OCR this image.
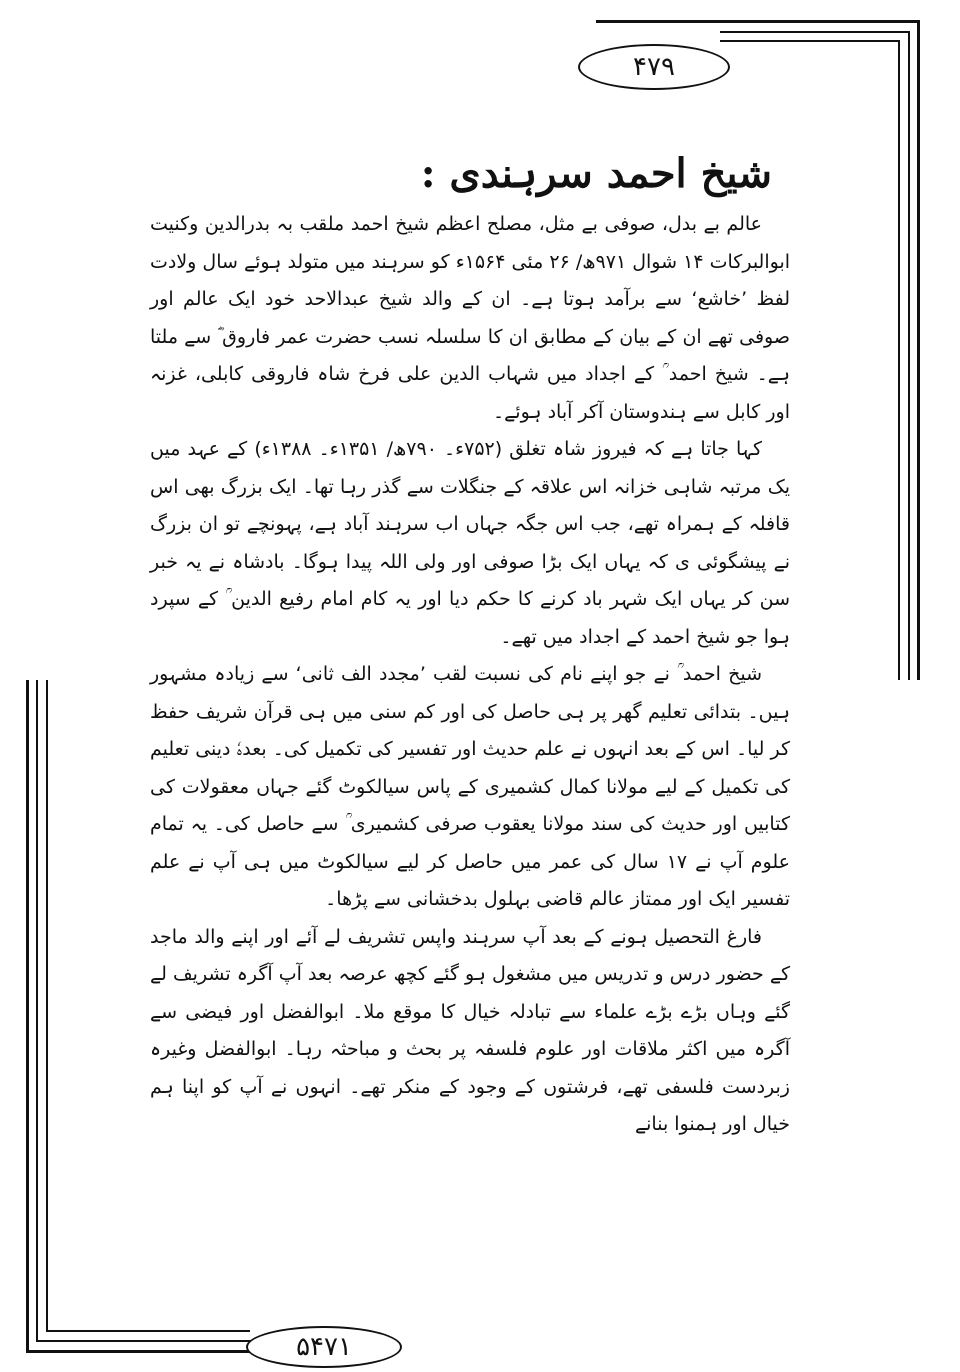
۴۷۹
شیخ احمد سرہندی :

عالم بے بدل، صوفی بے مثل، مصلح اعظم شیخ احمد ملقب بہ بدرالدین وکنیت ابوالبرکات ۱۴ شوال ۹۷۱ھ/ ۲۶ مئی ۱۵۶۴ء کو سرہند میں متولد ہوئے سال ولادت لفظ ’خاشع‘ سے برآمد ہوتا ہے۔ ان کے والد شیخ عبدالاحد خود ایک عالم اور صوفی تھے ان کے بیان کے مطابق ان کا سلسلہ نسب حضرت عمر فاروق ؓ سے ملتا ہے۔ شیخ احمد ؒ کے اجداد میں شہاب الدین علی فرخ شاہ فاروقی کابلی، غزنہ اور کابل سے ہندوستان آکر آباد ہوئے۔

کہا جاتا ہے کہ فیروز شاہ تغلق (۷۵۲ء۔ ۷۹۰ھ/ ۱۳۵۱ء۔ ۱۳۸۸ء) کے عہد میں یک مرتبہ شاہی خزانہ اس علاقہ کے جنگلات سے گذر رہا تھا۔ ایک بزرگ بھی اس قافلہ کے ہمراہ تھے، جب اس جگہ جہاں اب سرہند آباد ہے، پہونچے تو ان بزرگ نے پیشگوئی ی کہ یہاں ایک بڑا صوفی اور ولی اللہ پیدا ہوگا۔ بادشاہ نے یہ خبر سن کر یہاں ایک شہر باد کرنے کا حکم دیا اور یہ کام امام رفیع الدین ؒ کے سپرد ہوا جو شیخ احمد کے اجداد میں تھے۔

شیخ احمد ؒ نے جو اپنے نام کی نسبت لقب ’مجدد الف ثانی‘ سے زیادہ مشہور ہیں۔ بتدائی تعلیم گھر پر ہی حاصل کی اور کم سنی میں ہی قرآن شریف حفظ کر لیا۔ اس کے بعد انہوں نے علم حدیث اور تفسیر کی تکمیل کی۔ بعدہٗ دینی تعلیم کی تکمیل کے لیے مولانا کمال کشمیری کے پاس سیالکوٹ گئے جہاں معقولات کی کتابیں اور حدیث کی سند مولانا یعقوب صرفی کشمیری ؒ سے حاصل کی۔ یہ تمام علوم آپ نے ۱۷ سال کی عمر میں حاصل کر لیے سیالکوٹ میں ہی آپ نے علم تفسیر ایک اور ممتاز عالم قاضی بہلول بدخشانی سے پڑھا۔

فارغ التحصیل ہونے کے بعد آپ سرہند واپس تشریف لے آئے اور اپنے والد ماجد کے حضور درس و تدریس میں مشغول ہو گئے کچھ عرصہ بعد آپ آگرہ تشریف لے گئے وہاں بڑے بڑے علماء سے تبادلہ خیال کا موقع ملا۔ ابوالفضل اور فیضی سے آگرہ میں اکثر ملاقات اور علوم فلسفہ پر بحث و مباحثہ رہا۔ ابوالفضل وغیرہ زبردست فلسفی تھے، فرشتوں کے وجود کے منکر تھے۔ انہوں نے آپ کو اپنا ہم خیال اور ہمنوا بنانے

۵۴۷۱
